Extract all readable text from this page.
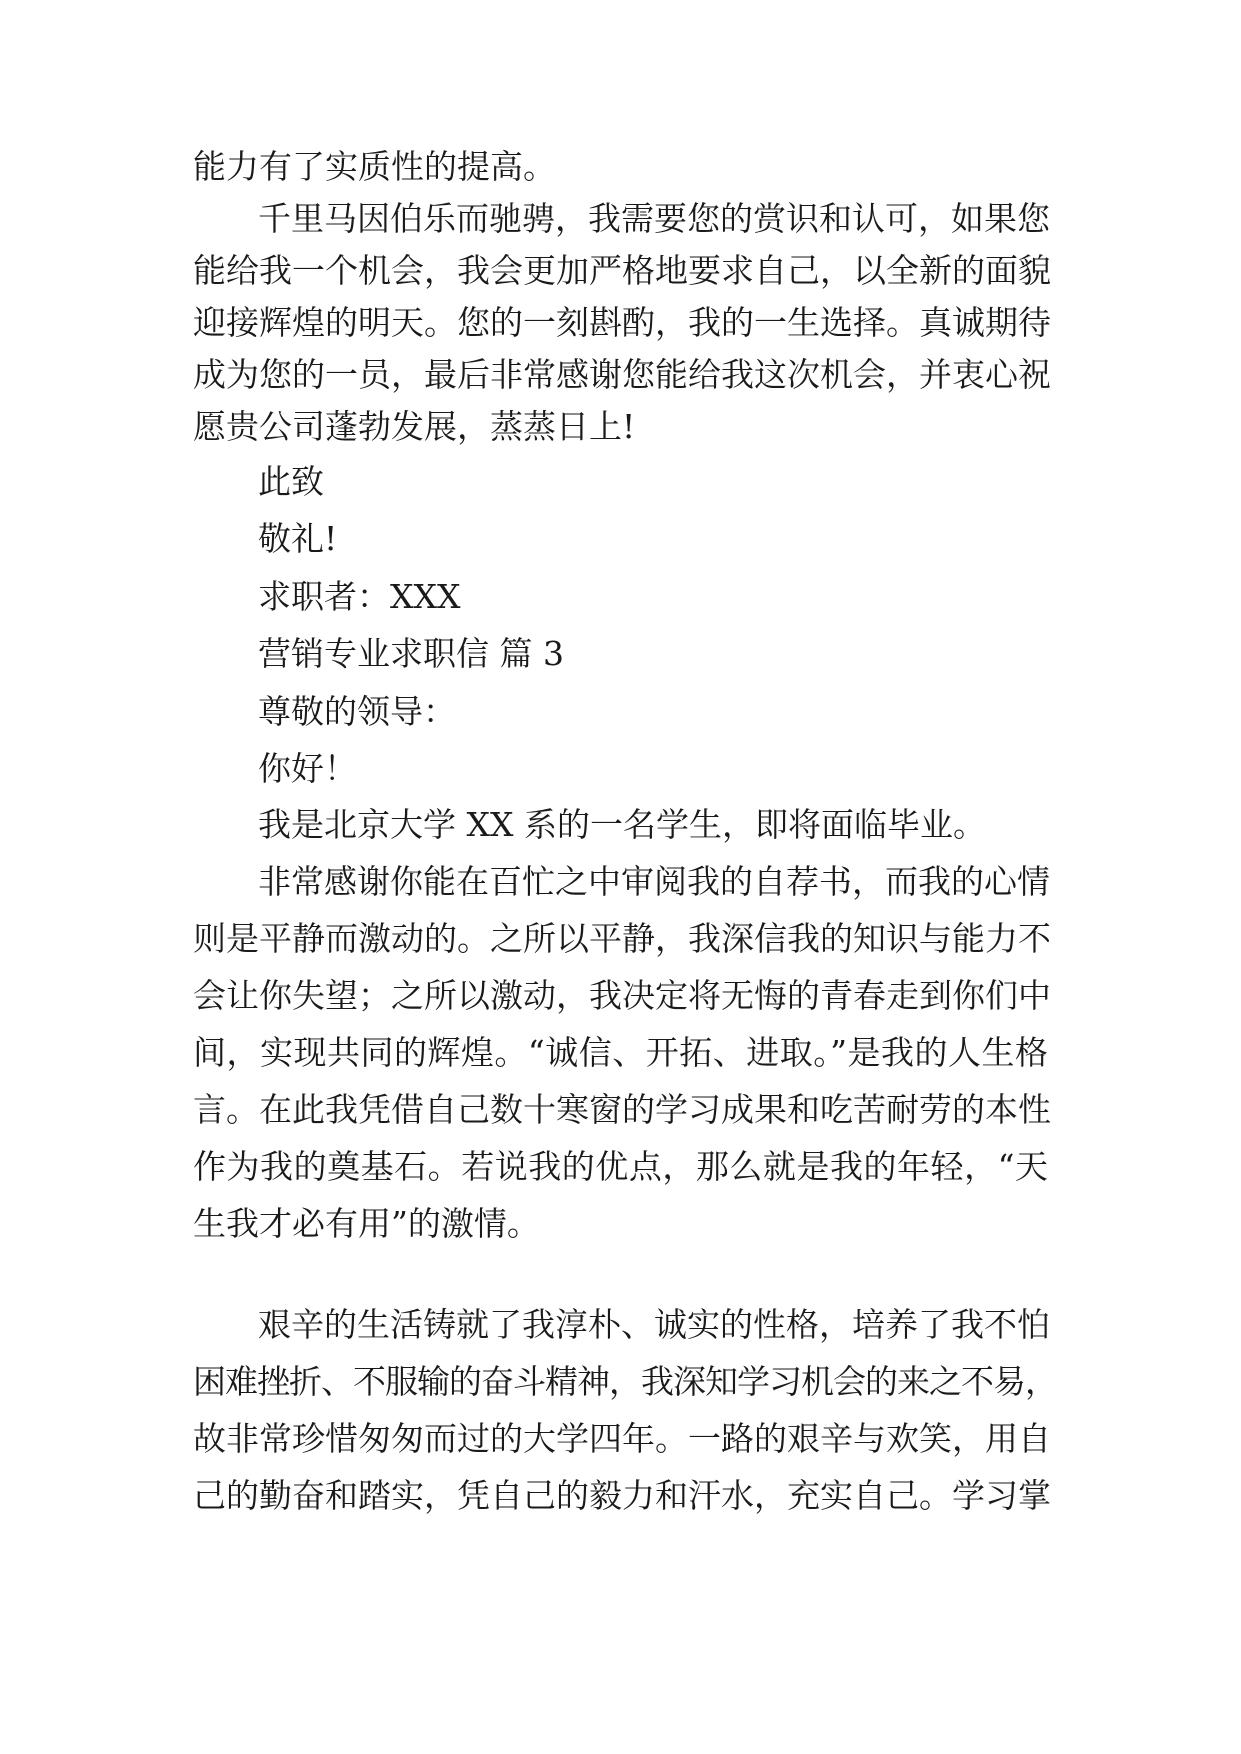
能力有了实质性的提高。
千里马因伯乐而驰骋，我需要您的赏识和认可，如果您
能给我一个机会，我会更加严格地要求自己，以全新的面貌
迎接辉煌的明天。您的一刻斟酌，我的一生选择。真诚期待
成为您的一员，最后非常感谢您能给我这次机会，并衷心祝
愿贵公司蓬勃发展，蒸蒸日上!
此致
敬礼!
求职者：XXX
营销专业求职信 篇 3
尊敬的领导：
你好！
我是北京大学 XX 系的一名学生，即将面临毕业。
非常感谢你能在百忙之中审阅我的自荐书，而我的心情
则是平静而激动的。之所以平静，我深信我的知识与能力不
会让你失望；之所以激动，我决定将无悔的青春走到你们中
间，实现共同的辉煌。“诚信、开拓、进取。”是我的人生格
言。在此我凭借自己数十寒窗的学习成果和吃苦耐劳的本性
作为我的奠基石。若说我的优点，那么就是我的年轻，“天
生我才必有用”的激情。
艰辛的生活铸就了我淳朴、诚实的性格，培养了我不怕
困难挫折、不服输的奋斗精神，我深知学习机会的来之不易，
故非常珍惜匆匆而过的大学四年。一路的艰辛与欢笑，用自
己的勤奋和踏实，凭自己的毅力和汗水，充实自己。学习掌
